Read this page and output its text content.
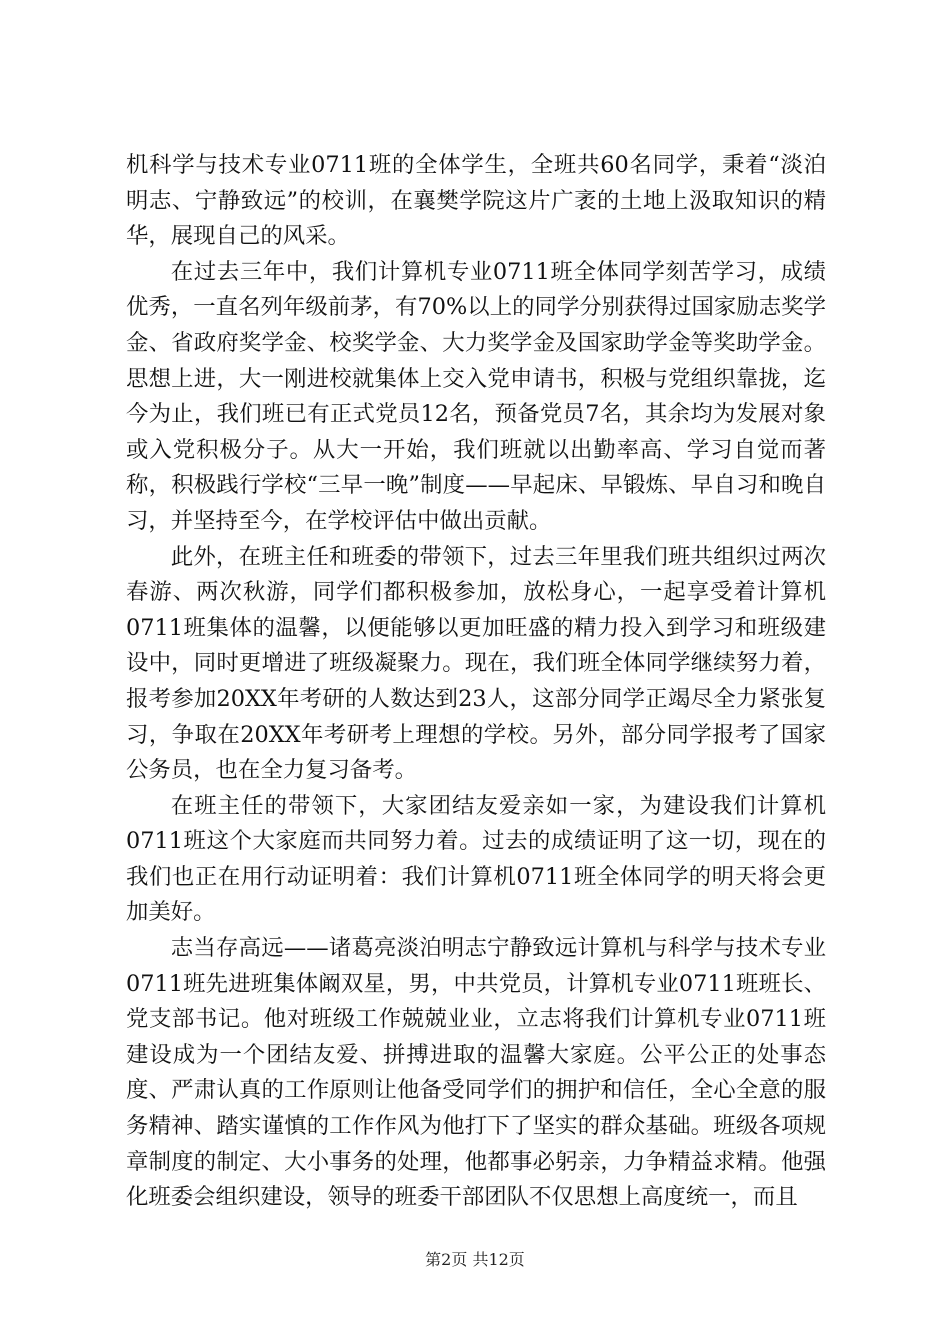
机科学与技术专业0711班的全体学生，全班共60名同学，秉着“淡泊明志、宁静致远”的校训，在襄樊学院这片广袤的土地上汲取知识的精华，展现自己的风采。

在过去三年中，我们计算机专业0711班全体同学刻苦学习，成绩优秀，一直名列年级前茅，有70%以上的同学分别获得过国家励志奖学金、省政府奖学金、校奖学金、大力奖学金及国家助学金等奖助学金。思想上进，大一刚进校就集体上交入党申请书，积极与党组织靠拢，迄今为止，我们班已有正式党员12名，预备党员7名，其余均为发展对象或入党积极分子。从大一开始，我们班就以出勤率高、学习自觉而著称，积极践行学校“三早一晚”制度——早起床、早锻炼、早自习和晚自习，并坚持至今，在学校评估中做出贡献。

此外，在班主任和班委的带领下，过去三年里我们班共组织过两次春游、两次秋游，同学们都积极参加，放松身心，一起享受着计算机0711班集体的温馨，以便能够以更加旺盛的精力投入到学习和班级建设中，同时更增进了班级凝聚力。现在，我们班全体同学继续努力着，报考参加20XX年考研的人数达到23人，这部分同学正竭尽全力紧张复习，争取在20XX年考研考上理想的学校。另外，部分同学报考了国家公务员，也在全力复习备考。

在班主任的带领下，大家团结友爱亲如一家，为建设我们计算机0711班这个大家庭而共同努力着。过去的成绩证明了这一切，现在的我们也正在用行动证明着：我们计算机0711班全体同学的明天将会更加美好。

志当存高远——诸葛亮淡泊明志宁静致远计算机与科学与技术专业0711班先进班集体阚双星，男，中共党员，计算机专业0711班班长、党支部书记。他对班级工作兢兢业业，立志将我们计算机专业0711班建设成为一个团结友爱、拼搏进取的温馨大家庭。公平公正的处事态度、严肃认真的工作原则让他备受同学们的拥护和信任，全心全意的服务精神、踏实谨慎的工作作风为他打下了坚实的群众基础。班级各项规章制度的制定、大小事务的处理，他都事必躬亲，力争精益求精。他强化班委会组织建设，领导的班委干部团队不仅思想上高度统一，而且

第2页 共12页
